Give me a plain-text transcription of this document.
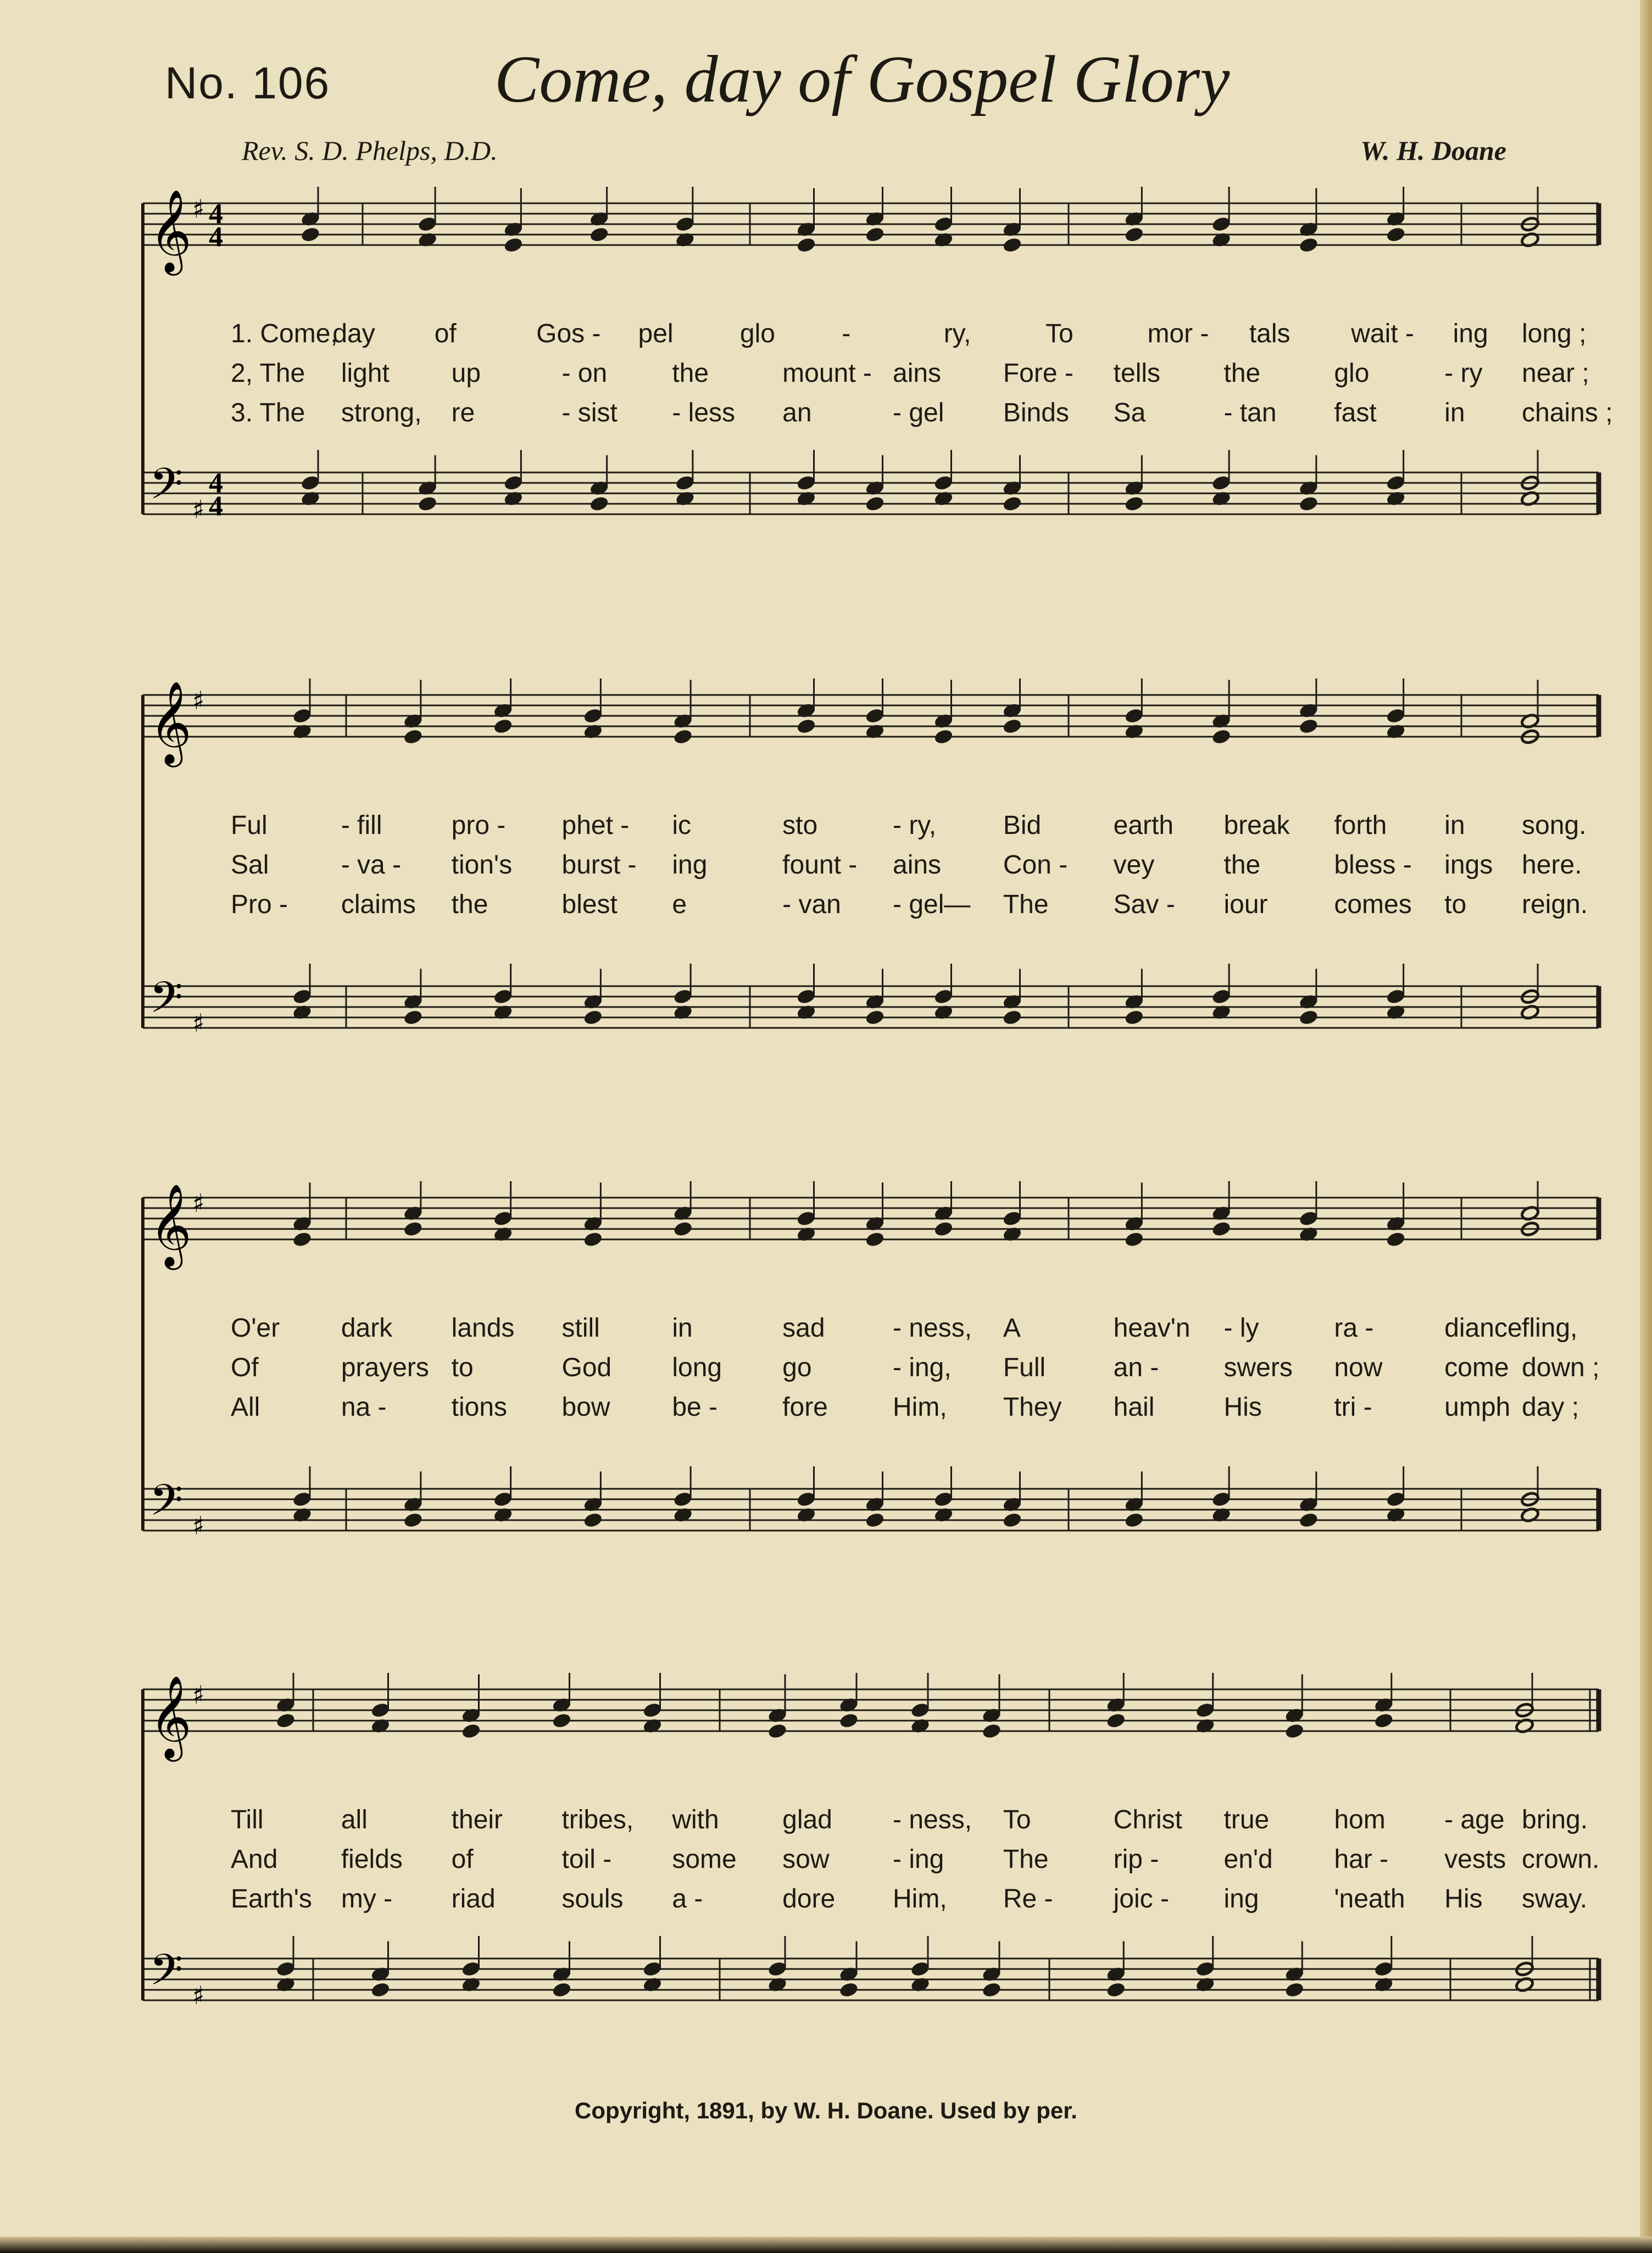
No. 106 Come, day of Gospel Glory
Rev. S. D. Phelps, D.D.	W. H. Doane
𝄞
𝄢
♯
♯
4
4
4
4
1. Come,
day of	Gos - pel	glo	-	ry,	To	mor - tals wait - ing long ;
2, The light up	- on the	mount - ains Fore - tells the	glo	- ry near ;
3. The strong, re	- sist - less an	- gel Binds Sa	- tan fast	in chains ;
𝄞
𝄢
♯
♯
Ful	- fill	pro - phet - ic	sto	- ry,	Bid	earth break forth in song.
Sal	- va - tion's burst - ing	fount - ains Con - vey	the	bless - ings here.
Pro - claims the	blest e	- van - gel— The Sav - iour	comes to reign.
𝄞
𝄢
♯
♯
O'er dark lands still	in	sad	- ness, A	heav'n - ly	ra -	diance fling,
Of	prayers to	God long go	- ing, Full	an - swers now come down ;
All	na - tions bow be - fore Him, They hail	His	tri -	umph day ;
𝄞
𝄢
♯
♯
Till	all	their tribes, with glad - ness, To	Christ true hom - age bring.
And fields of	toil - some sow - ing The rip - en'd har - vests crown.
Earth's my - riad	souls a -	dore Him, Re - joic - ing	'neath His sway.
Copyright, 1891, by W. H. Doane. Used by per.
